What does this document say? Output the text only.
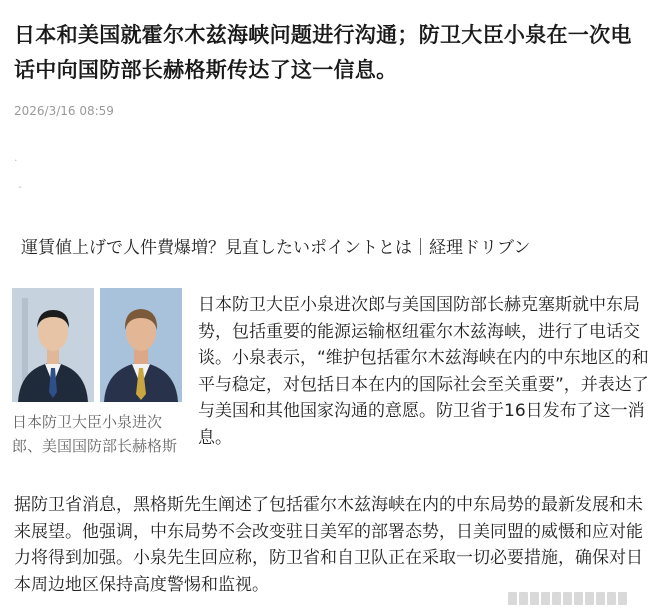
日本和美国就霍尔木兹海峡问题进行沟通；防卫大臣小泉在一次电话中向国防部长赫格斯传达了这一信息。
2026/3/16 08:59
·
-
運賃値上げで人件費爆増？見直したいポイントとは｜経理ドリブン
日本防卫大臣小泉进次郎、美国国防部长赫格斯

日本防卫大臣小泉进次郎与美国国防部长赫克塞斯就中东局势，包括重要的能源运输枢纽霍尔木兹海峡，进行了电话交谈。小泉表示，“维护包括霍尔木兹海峡在内的中东地区的和平与稳定，对包括日本在内的国际社会至关重要”，并表达了与美国和其他国家沟通的意愿。防卫省于16日发布了这一消息。

据防卫省消息，黑格斯先生阐述了包括霍尔木兹海峡在内的中东局势的最新发展和未来展望。他强调，中东局势不会改变驻日美军的部署态势，日美同盟的威慑和应对能力将得到加强。小泉先生回应称，防卫省和自卫队正在采取一切必要措施，确保对日本周边地区保持高度警惕和监视。
